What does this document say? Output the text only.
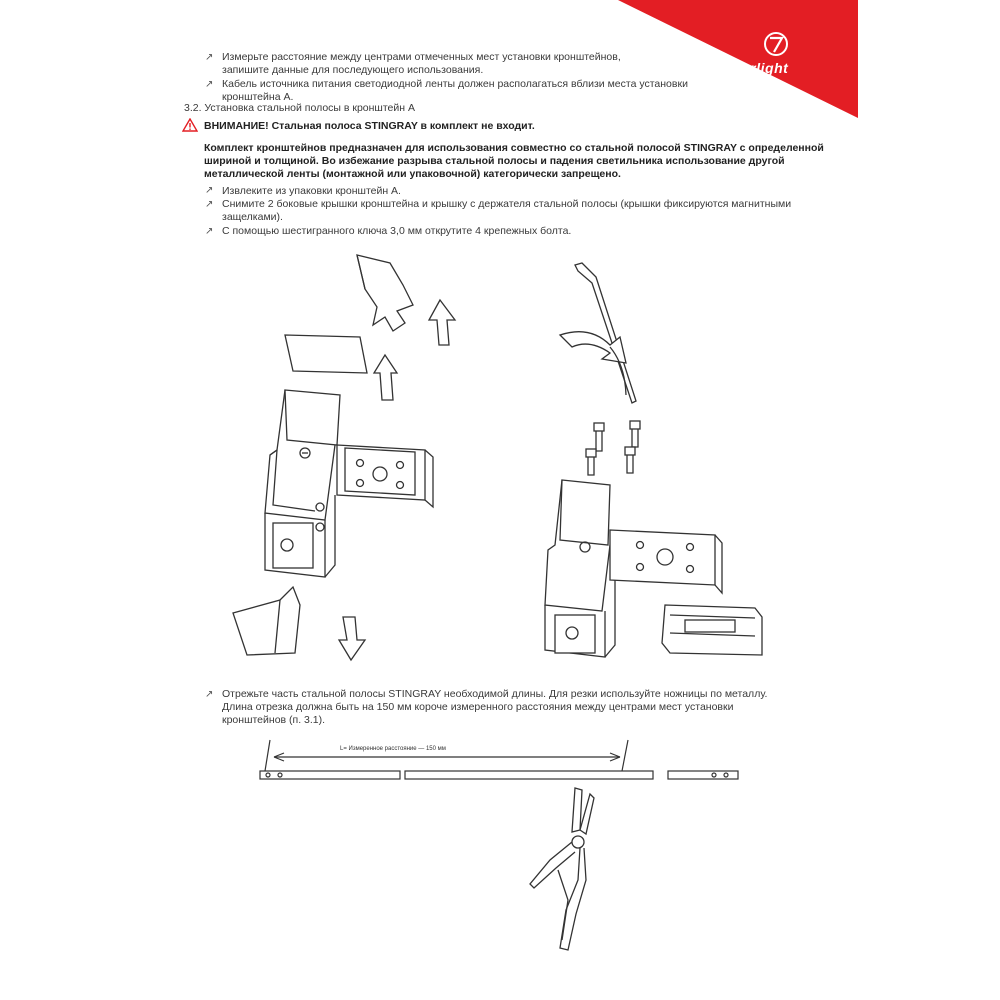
arlight
↗ Измерьте расстояние между центрами отмеченных мест установки кронштейнов,
запишите данные для последующего использования.
↗ Кабель источника питания светодиодной ленты должен располагаться вблизи места установки
кронштейна А.
3.2. Установка стальной полосы в кронштейн А
ВНИМАНИЕ! Стальная полоса STINGRAY в комплект не входит.
Комплект кронштейнов предназначен для использования совместно со стальной полосой STINGRAY с определенной
шириной и толщиной. Во избежание разрыва стальной полосы и падения светильника использование другой
металлической ленты (монтажной или упаковочной) категорически запрещено.
↗ Извлеките из упаковки кронштейн А.
↗ Снимите 2 боковые крышки кронштейна и крышку с держателя стальной полосы (крышки фиксируются магнитными
защелками).
↗ С помощью шестигранного ключа 3,0 мм открутите 4 крепежных болта.
↗ Отрежьте часть стальной полосы STINGRAY необходимой длины. Для резки используйте ножницы по металлу.
Длина отрезка должна быть на 150 мм короче измеренного расстояния между центрами мест установки
кронштейнов (п. 3.1).
L= Измеренное расстояние — 150 мм
